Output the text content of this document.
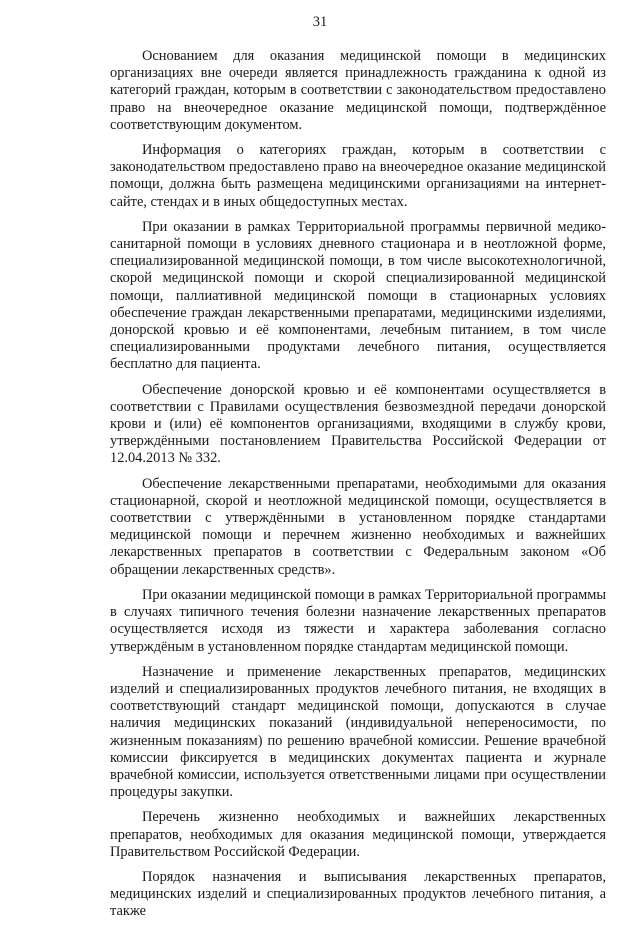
31

Основанием для оказания медицинской помощи в медицинских организациях вне очереди является принадлежность гражданина к одной из категорий граждан, которым в соответствии с законодательством предоставлено право на внеочередное оказание медицинской помощи, подтверждённое соответствующим документом.

Информация о категориях граждан, которым в соответствии с законодательством предоставлено право на внеочередное оказание медицинской помощи, должна быть размещена медицинскими организациями на интернет-сайте, стендах и в иных общедоступных местах.

При оказании в рамках Территориальной программы первичной медико-санитарной помощи в условиях дневного стационара и в неотложной форме, специализированной медицинской помощи, в том числе высокотехнологичной, скорой медицинской помощи и скорой специализированной медицинской помощи, паллиативной медицинской помощи в стационарных условиях обеспечение граждан лекарственными препаратами, медицинскими изделиями, донорской кровью и её компонентами, лечебным питанием, в том числе специализированными продуктами лечебного питания, осуществляется бесплатно для пациента.

Обеспечение донорской кровью и её компонентами осуществляется в соответствии с Правилами осуществления безвозмездной передачи донорской крови и (или) её компонентов организациями, входящими в службу крови, утверждёнными постановлением Правительства Российской Федерации от 12.04.2013 № 332.

Обеспечение лекарственными препаратами, необходимыми для оказания стационарной, скорой и неотложной медицинской помощи, осуществляется в соответствии с утверждёнными в установленном порядке стандартами медицинской помощи и перечнем жизненно необходимых и важнейших лекарственных препаратов в соответствии с Федеральным законом «Об обращении лекарственных средств».

При оказании медицинской помощи в рамках Территориальной программы в случаях типичного течения болезни назначение лекарственных препаратов осуществляется исходя из тяжести и характера заболевания согласно утверждёным в установленном порядке стандартам медицинской помощи.

Назначение и применение лекарственных препаратов, медицинских изделий и специализированных продуктов лечебного питания, не входящих в соответствующий стандарт медицинской помощи, допускаются в случае наличия медицинских показаний (индивидуальной непереносимости, по жизненным показаниям) по решению врачебной комиссии. Решение врачебной комиссии фиксируется в медицинских документах пациента и журнале врачебной комиссии, используется ответственными лицами при осуществлении процедуры закупки.

Перечень жизненно необходимых и важнейших лекарственных препаратов, необходимых для оказания медицинской помощи, утверждается Правительством Российской Федерации.

Порядок назначения и выписывания лекарственных препаратов, медицинских изделий и специализированных продуктов лечебного питания, а также
